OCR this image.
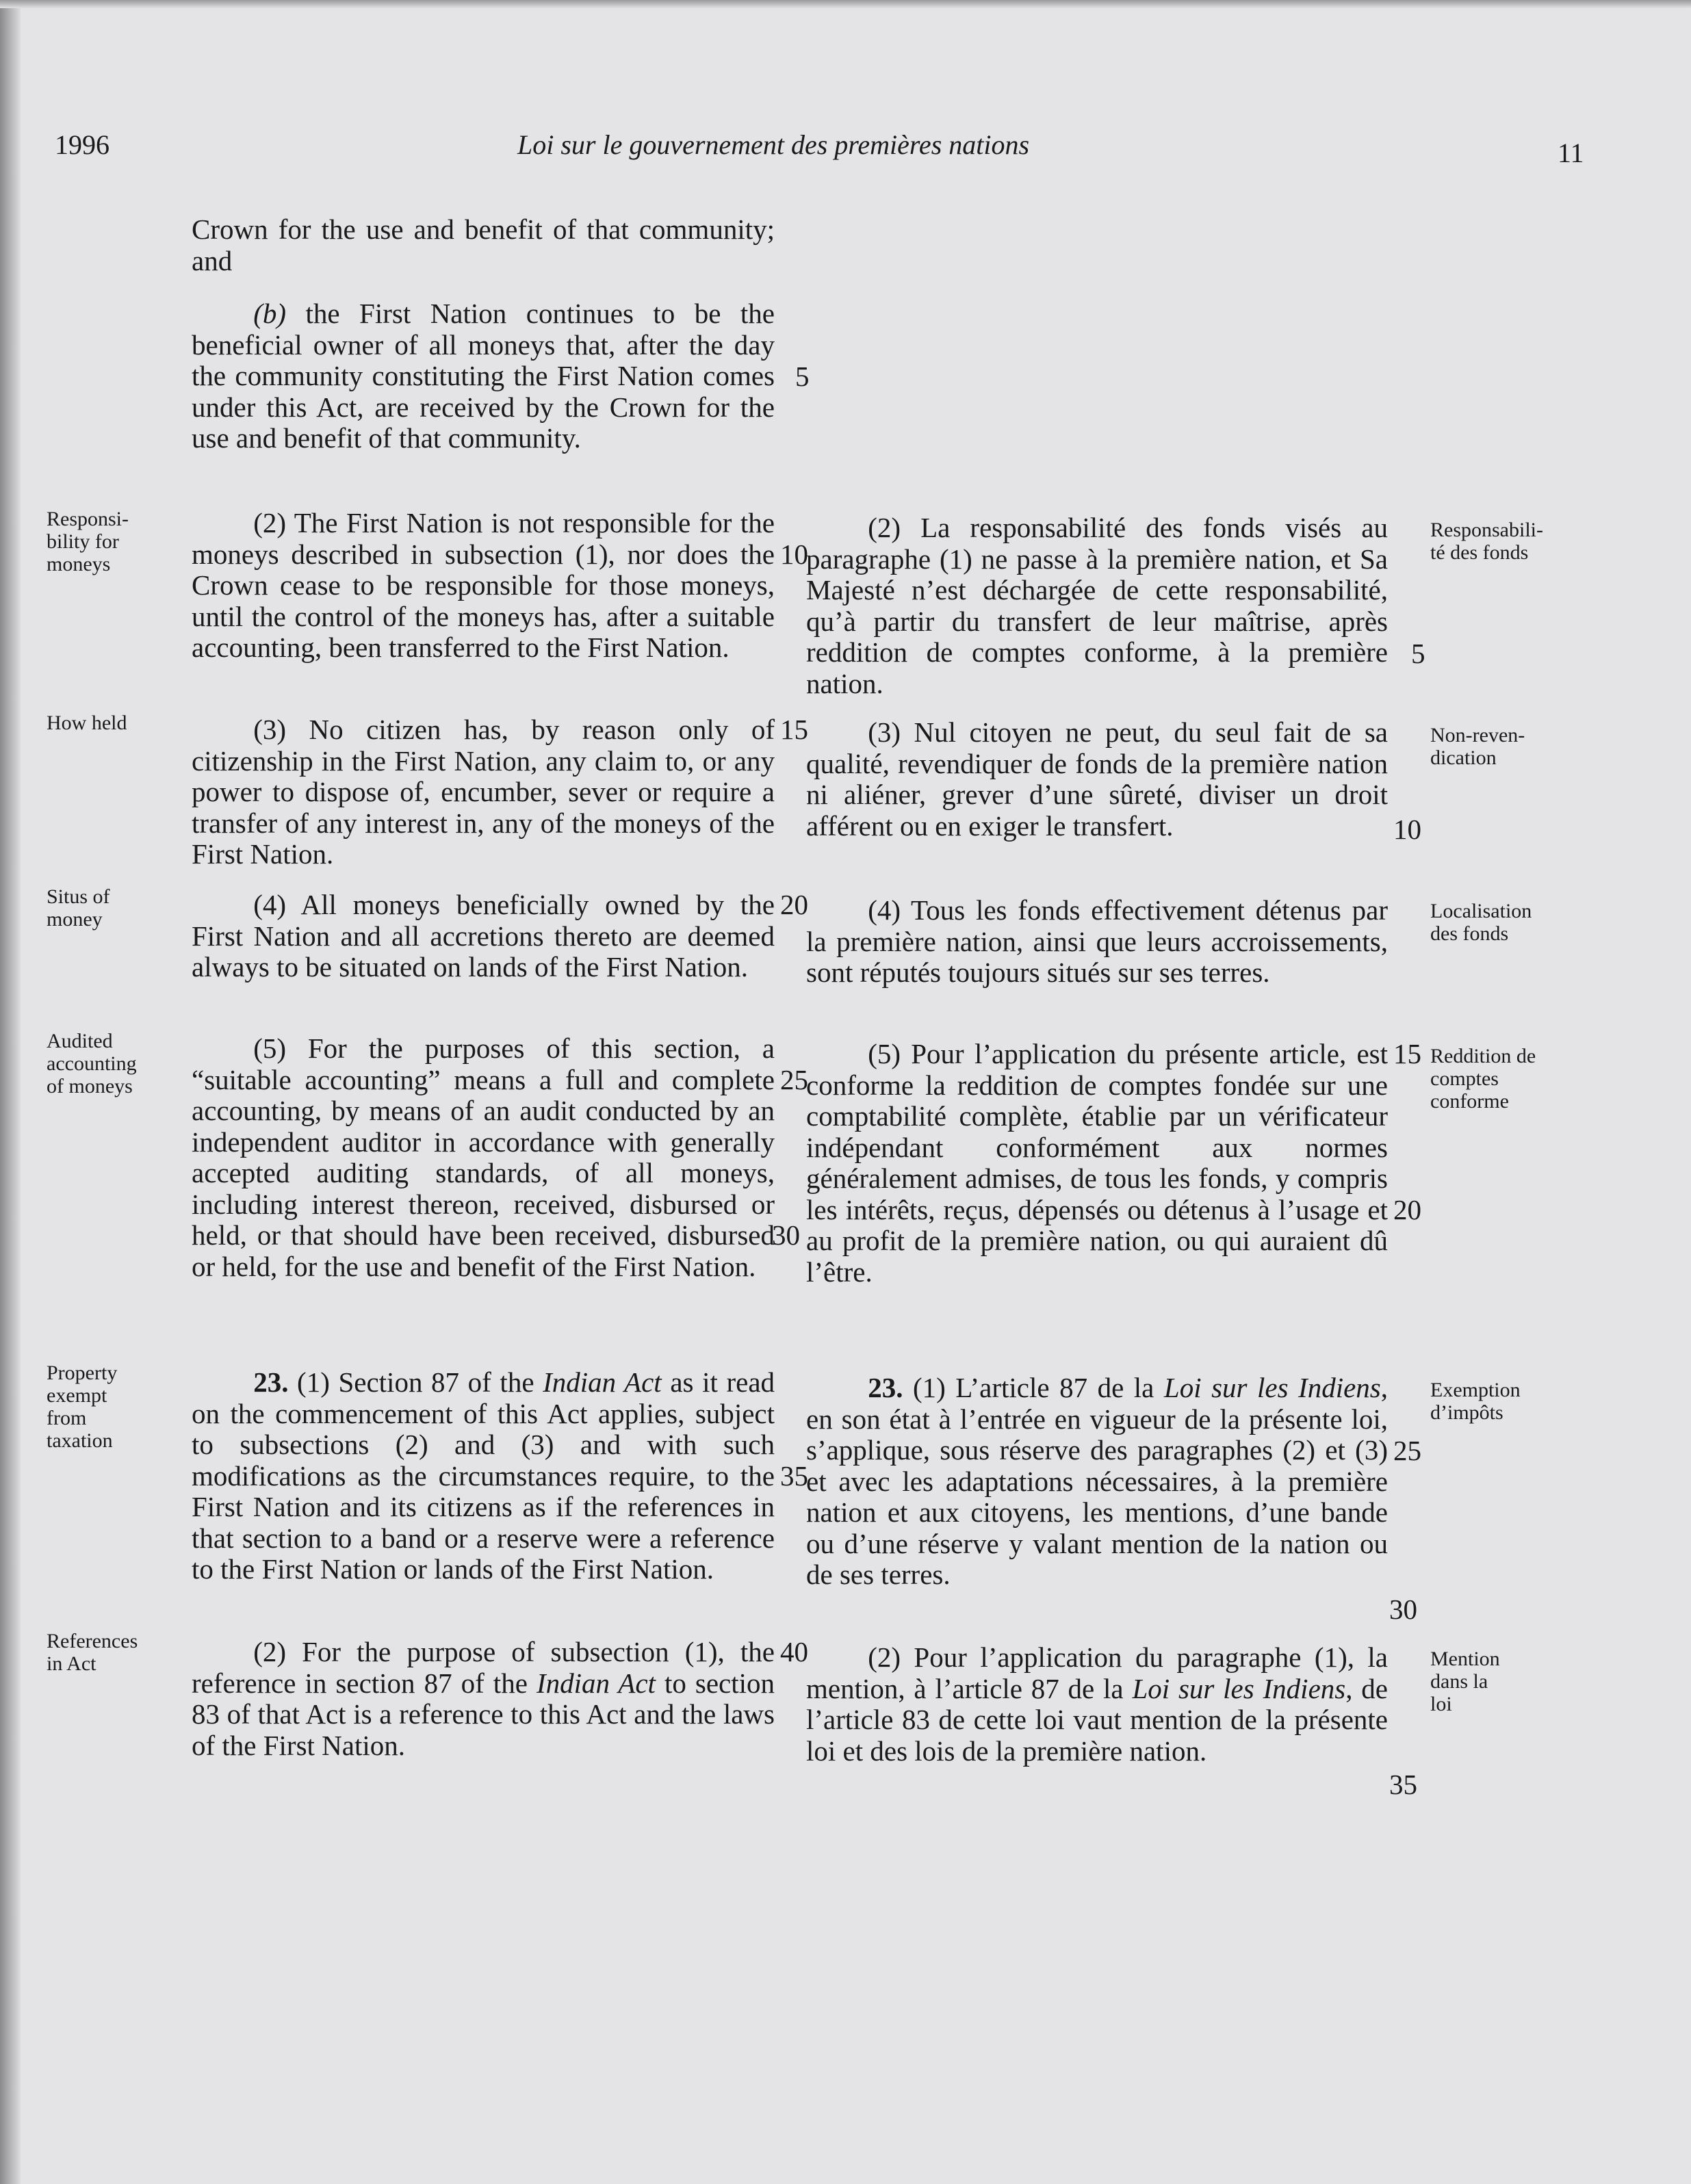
1996	Loi sur le gouvernement des premières nations	11
Crown for the use and benefit of that community; and
(b) the First Nation continues to be the beneficial owner of all moneys that, after the day the community constituting the First Nation comes under this Act, are received by the Crown for the use and benefit of that community.
(2) The First Nation is not responsible for the moneys described in subsection (1), nor does the Crown cease to be responsible for those moneys, until the control of the moneys has, after a suitable accounting, been transferred to the First Nation.
(3) No citizen has, by reason only of citizenship in the First Nation, any claim to, or any power to dispose of, encumber, sever or require a transfer of any interest in, any of the moneys of the First Nation.
(4) All moneys beneficially owned by the First Nation and all accretions thereto are deemed always to be situated on lands of the First Nation.
(5) For the purposes of this section, a “suitable accounting” means a full and complete accounting, by means of an audit conducted by an independent auditor in accordance with generally accepted auditing standards, of all moneys, including interest thereon, received, disbursed or held, or that should have been received, disbursed or held, for the use and benefit of the First Nation.
23. (1) Section 87 of the Indian Act as it read on the commencement of this Act applies, subject to subsections (2) and (3) and with such modifications as the circumstances require, to the First Nation and its citizens as if the references in that section to a band or a reserve were a reference to the First Nation or lands of the First Nation.
(2) For the purpose of subsection (1), the reference in section 87 of the Indian Act to section 83 of that Act is a reference to this Act and the laws of the First Nation.
(2) La responsabilité des fonds visés au paragraphe (1) ne passe à la première nation, et Sa Majesté n’est déchargée de cette responsabilité, qu’à partir du transfert de leur maîtrise, après reddition de comptes conforme, à la première nation.
(3) Nul citoyen ne peut, du seul fait de sa qualité, revendiquer de fonds de la première nation ni aliéner, grever d’une sûreté, diviser un droit afférent ou en exiger le transfert.
(4) Tous les fonds effectivement détenus par la première nation, ainsi que leurs accroissements, sont réputés toujours situés sur ses terres.
(5) Pour l’application du présente article, est conforme la reddition de comptes fondée sur une comptabilité complète, établie par un vérificateur indépendant conformément aux normes généralement admises, de tous les fonds, y compris les intérêts, reçus, dépensés ou détenus à l’usage et au profit de la première nation, ou qui auraient dû l’être.
23. (1) L’article 87 de la Loi sur les Indiens, en son état à l’entrée en vigueur de la présente loi, s’applique, sous réserve des paragraphes (2) et (3) et avec les adaptations nécessaires, à la première nation et aux citoyens, les mentions, d’une bande ou d’une réserve y valant mention de la nation ou de ses terres.
(2) Pour l’application du paragraphe (1), la mention, à l’article 87 de la Loi sur les Indiens, de l’article 83 de cette loi vaut mention de la présente loi et des lois de la première nation.
Responsi-
bility for
moneys
How held
Situs of
money
Audited
accounting
of moneys
Property
exempt
from
taxation
References
in Act
Responsabili-
té des fonds
Non-reven-
dication
Localisation
des fonds
Reddition de
comptes
conforme
Exemption
d’impôts
Mention
dans la
loi
5
10
15
20
25
30
35
40
5
10
15
20
25
30
35
